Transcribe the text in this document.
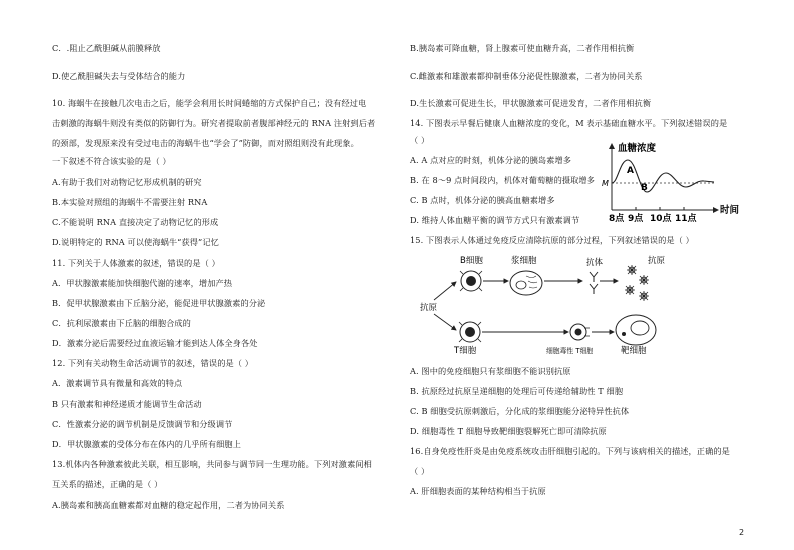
C．.阻止乙酰胆碱从前膜释放
D.使乙酰胆碱失去与受体结合的能力
10. 海蜗牛在接触几次电击之后，能学会利用长时间蜷缩的方式保护自己；没有经过电
击刺激的海蜗牛则没有类似的防御行为。研究者提取前者腹部神经元的 RNA 注射到后者
的颈部，发现原来没有受过电击的海蜗牛也“学会了”防御，而对照组则没有此现象。
一下叙述不符合该实验的是（ ）
A.有助于我们对动物记忆形成机制的研究
B.本实验对照组的海蜗牛不需要注射 RNA
C.不能说明 RNA 直接决定了动物记忆的形成
D.说明特定的 RNA 可以使海蜗牛“获得”记忆
11. 下列关于人体激素的叙述，错误的是（ ）
A．甲状腺激素能加快细胞代谢的速率，增加产热
B．促甲状腺激素由下丘脑分泌，能促进甲状腺激素的分泌
C．抗利尿激素由下丘脑的细胞合成的
D．激素分泌后需要经过血液运输才能到达人体全身各处
12. 下列有关动物生命活动调节的叙述，错误的是（ ）
A．激素调节具有微量和高效的特点
B 只有激素和神经递质才能调节生命活动
C．性激素分泌的调节机制是反馈调节和分级调节
D．甲状腺激素的受体分布在体内的几乎所有细胞上
13.机体内各种激素彼此关联，相互影响，共同参与调节同一生理功能。下列对激素间相
互关系的描述，正确的是（ ）
A.胰岛素和胰高血糖素都对血糖的稳定起作用，二者为协同关系
B.胰岛素可降血糖，肾上腺素可使血糖升高，二者作用相抗衡
C.雌激素和雄激素都抑制垂体分泌促性腺激素，二者为协同关系
D.生长激素可促进生长，甲状腺激素可促进发育，二者作用相抗衡
14. 下图表示早餐后健康人血糖浓度的变化，M 表示基础血糖水平。下列叙述错误的是
（ ）
A. A 点对应的时刻，机体分泌的胰岛素增多
B. 在 8～9 点时间段内，机体对葡萄糖的摄取增多
C. B 点时，机体分泌的胰高血糖素增多
D. 维持人体血糖平衡的调节方式只有激素调节
15. 下图表示人体通过免疫反应清除抗原的部分过程，下列叙述错误的是（ ）
A. 图中的免疫细胞只有浆细胞不能识别抗原
B. 抗原经过抗原呈递细胞的处理后可传递给辅助性 T 细胞
C. B 细胞受抗原刺激后，分化成的浆细胞能分泌特异性抗体
D. 细胞毒性 T 细胞导致靶细胞裂解死亡即可清除抗原
16.自身免疫性肝炎是由免疫系统攻击肝细胞引起的。下列与该病相关的描述，正确的是
（ ）
A. 肝细胞表面的某种结构相当于抗原
血糖浓度
时间
M
A
B
8点 9点 10点 11点
抗原
B细胞	浆细胞	抗体	抗原
T细胞	细胞毒性 T细胞	靶细胞
2
